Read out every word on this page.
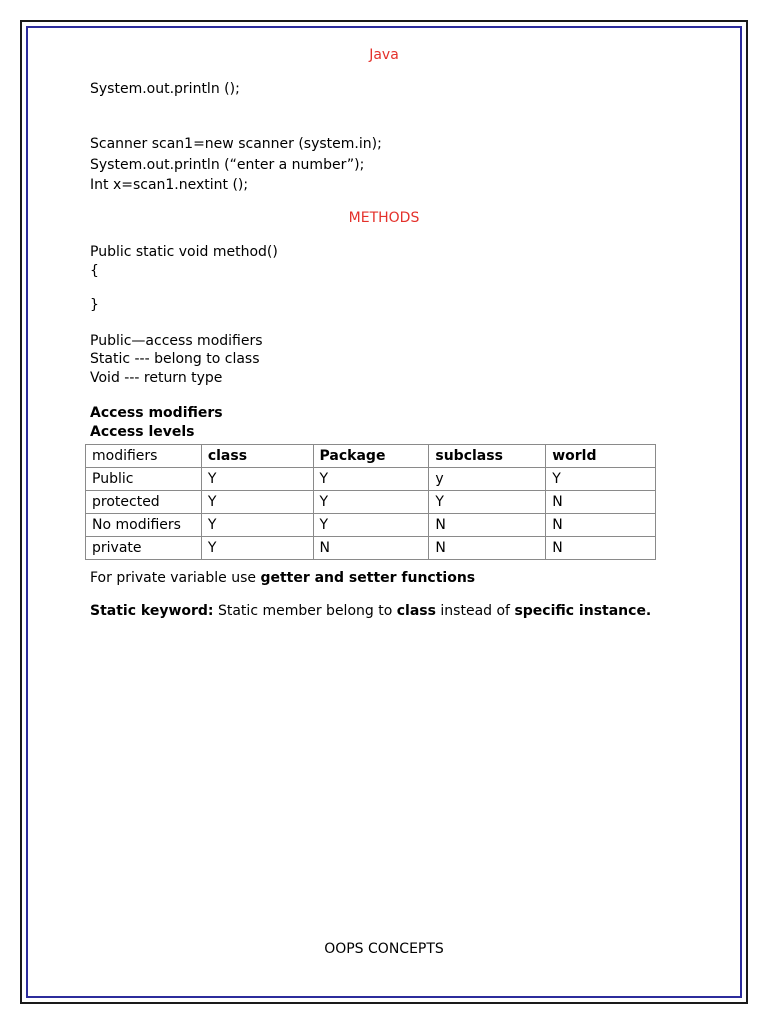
Java
System.out.println ();
Scanner scan1=new scanner (system.in);
System.out.println (“enter a number”);
Int x=scan1.nextint ();
METHODS
Public static void method()
{
}
Public—access modifiers
Static --- belong to class
Void --- return type
Access modifiers
Access levels
modifiers	class	Package	subclass	world
Public	Y	Y	y	Y
protected	Y	Y	Y	N
No modifiers	Y	Y	N	N
private	Y	N	N	N
For private variable use getter and setter functions
Static keyword: Static member belong to class instead of specific instance.
OOPS CONCEPTS
